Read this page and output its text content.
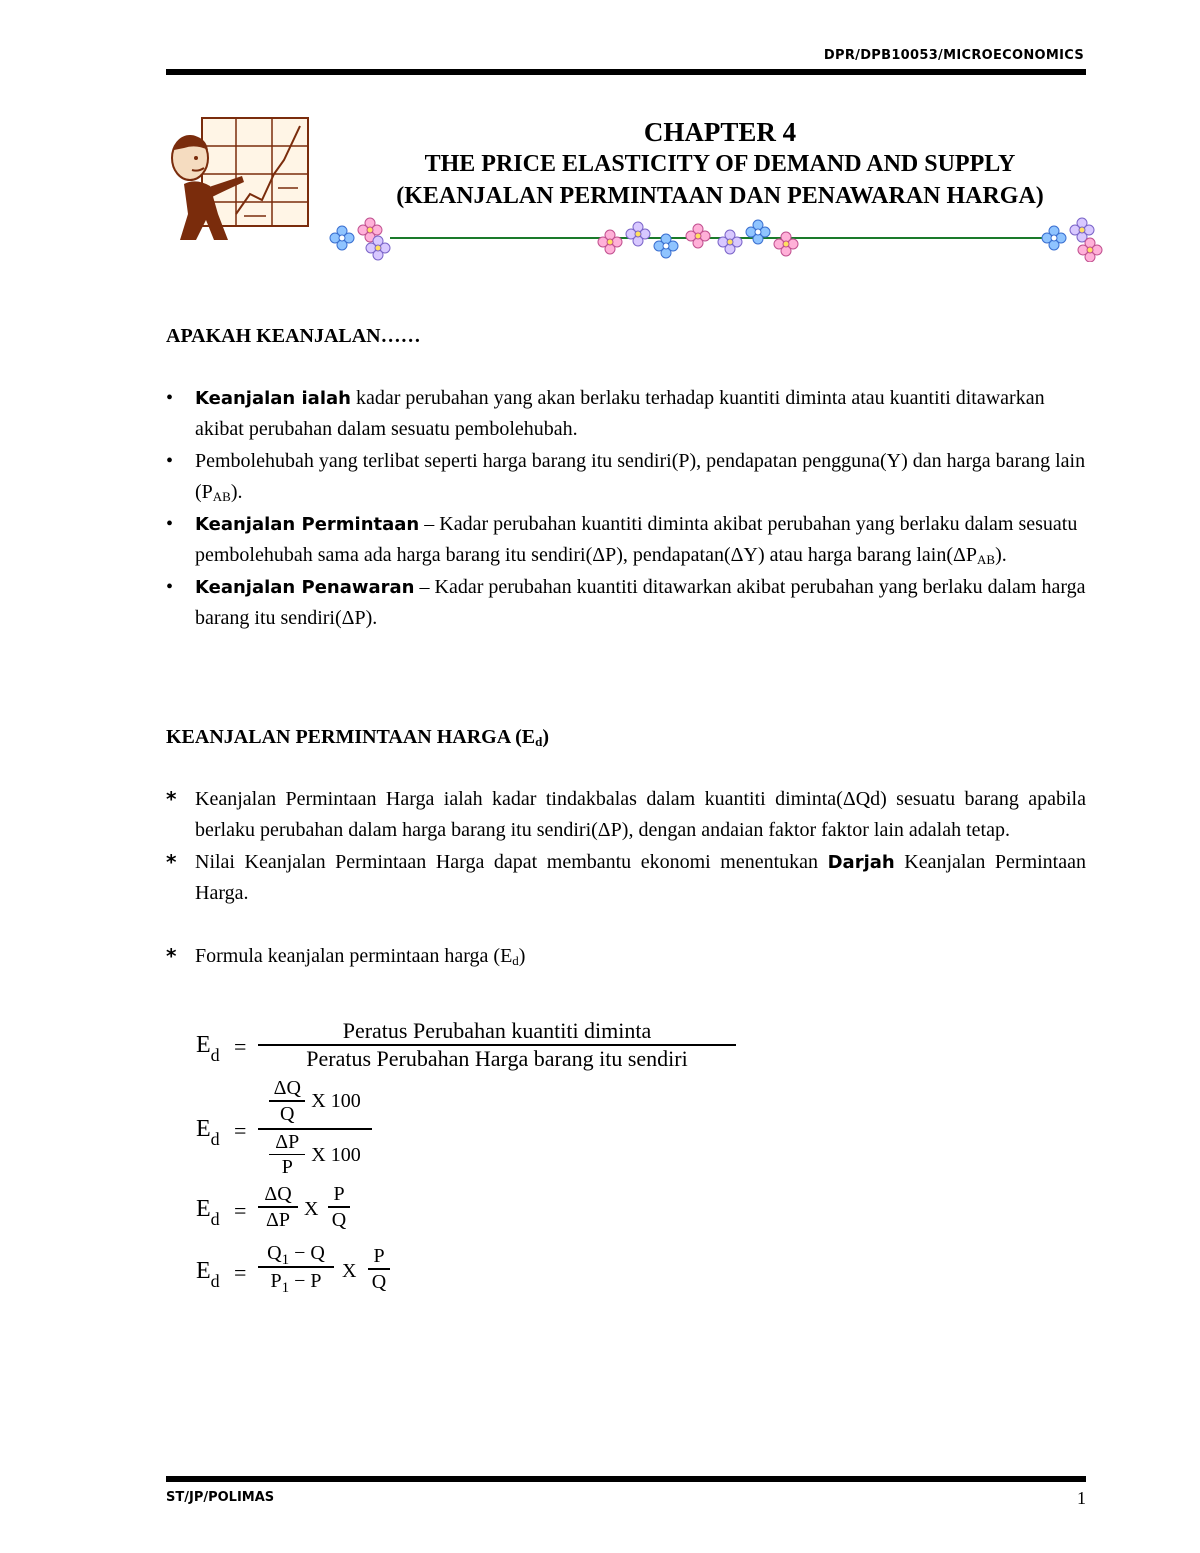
DPR/DPB10053/MICROECONOMICS
CHAPTER 4
THE PRICE ELASTICITY OF DEMAND AND SUPPLY
(KEANJALAN PERMINTAAN DAN PENAWARAN HARGA)
APAKAH KEANJALAN……
• Keanjalan ialah kadar perubahan yang akan berlaku terhadap kuantiti diminta atau kuantiti ditawarkan akibat perubahan dalam sesuatu pembolehubah.
• Pembolehubah yang terlibat seperti harga barang itu sendiri(P), pendapatan pengguna(Y) dan harga barang lain $(P_{AB})$.
• Keanjalan Permintaan – Kadar perubahan kuantiti diminta akibat perubahan yang berlaku dalam sesuatu pembolehubah sama ada harga barang itu sendiri(ΔP), pendapatan(ΔY) atau harga barang $lain(\Delta P_{AB})$.
• Keanjalan Penawaran – Kadar perubahan kuantiti ditawarkan akibat perubahan yang berlaku dalam harga barang itu sendiri(ΔP).
KEANJALAN PERMINTAAN HARGA $(E_d)$
* Keanjalan Permintaan Harga ialah kadar tindakbalas dalam kuantiti diminta(ΔQd) sesuatu barang apabila berlaku perubahan dalam harga barang itu sendiri(ΔP), dengan andaian faktor faktor lain adalah tetap.
* Nilai Keanjalan Permintaan Harga dapat membantu ekonomi menentukan Darjah Keanjalan Permintaan Harga.
* Formula keanjalan permintaan harga $(E_d)$
$E_d$ =
Peratus Perubahan kuantiti diminta
Peratus Perubahan Harga barang itu sendiri
$E_d$ =
$\frac{\Delta Q}{Q}$ X 100
$\frac{\Delta P}{P}$ X 100
$E_d$ =
ΔQ
ΔP X
P
Q
$E_d$ =
$Q_1 - Q$
$P_1 - P$	X
P
Q
ST/JP/POLIMAS	1
